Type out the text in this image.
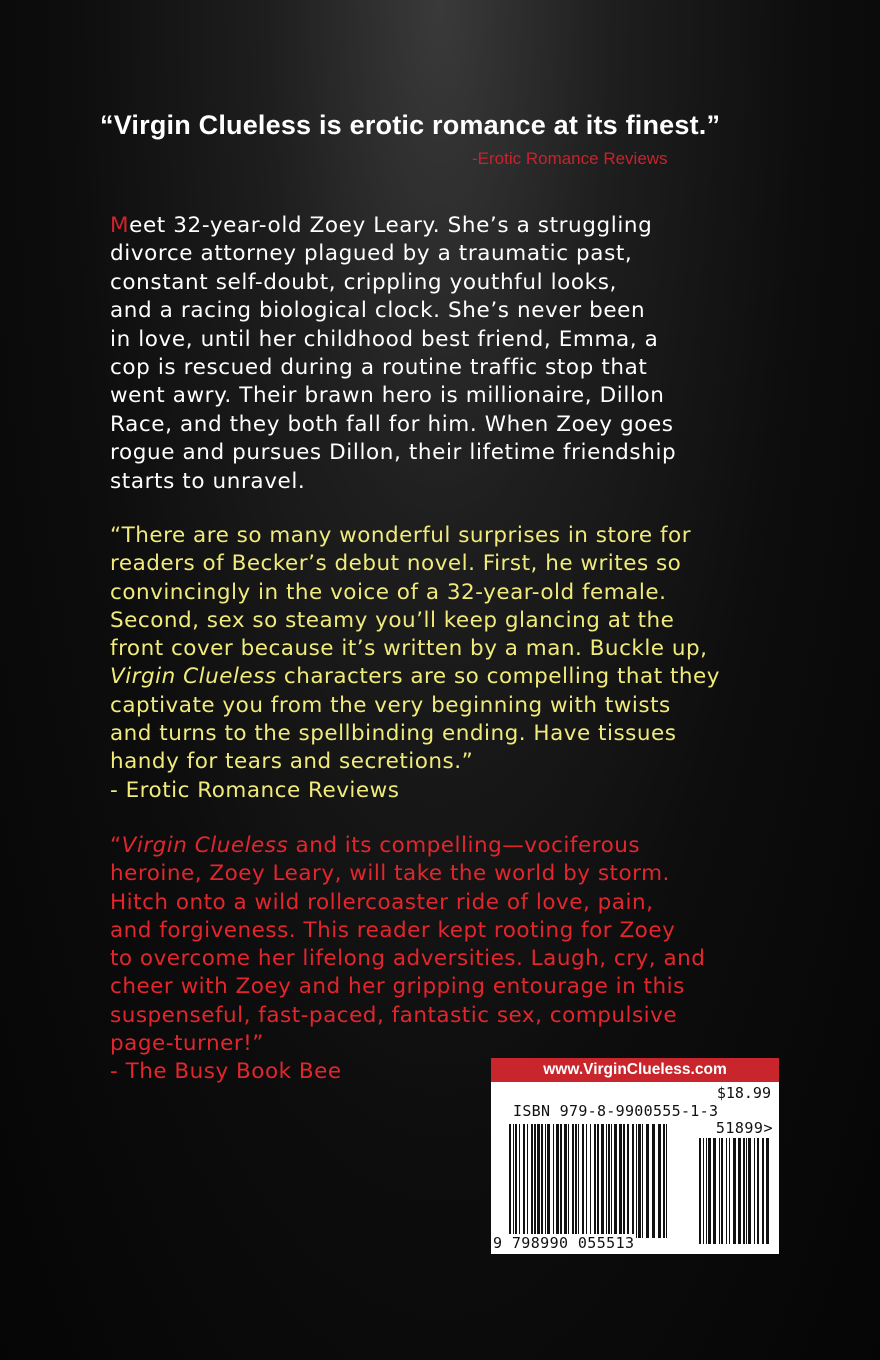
“Virgin Clueless is erotic romance at its finest.”
-Erotic Romance Reviews
Meet 32-year-old Zoey Leary. She’s a struggling
divorce attorney plagued by a traumatic past,
constant self-doubt, crippling youthful looks,
and a racing biological clock. She’s never been
in love, until her childhood best friend, Emma, a
cop is rescued during a routine traffic stop that
went awry. Their brawn hero is millionaire, Dillon
Race, and they both fall for him. When Zoey goes
rogue and pursues Dillon, their lifetime friendship
starts to unravel.
“There are so many wonderful surprises in store for
readers of Becker’s debut novel. First, he writes so
convincingly in the voice of a 32-year-old female.
Second, sex so steamy you’ll keep glancing at the
front cover because it’s written by a man. Buckle up,
Virgin Clueless characters are so compelling that they
captivate you from the very beginning with twists
and turns to the spellbinding ending. Have tissues
handy for tears and secretions.”
- Erotic Romance Reviews
“Virgin Clueless and its compelling—vociferous
heroine, Zoey Leary, will take the world by storm.
Hitch onto a wild rollercoaster ride of love, pain,
and forgiveness. This reader kept rooting for Zoey
to overcome her lifelong adversities. Laugh, cry, and
cheer with Zoey and her gripping entourage in this
suspenseful, fast-paced, fantastic sex, compulsive
page-turner!”
- The Busy Book Bee	www.VirginClueless.com
$18.99
ISBN 979-8-9900555-1-3
51899>
9 798990 055513
